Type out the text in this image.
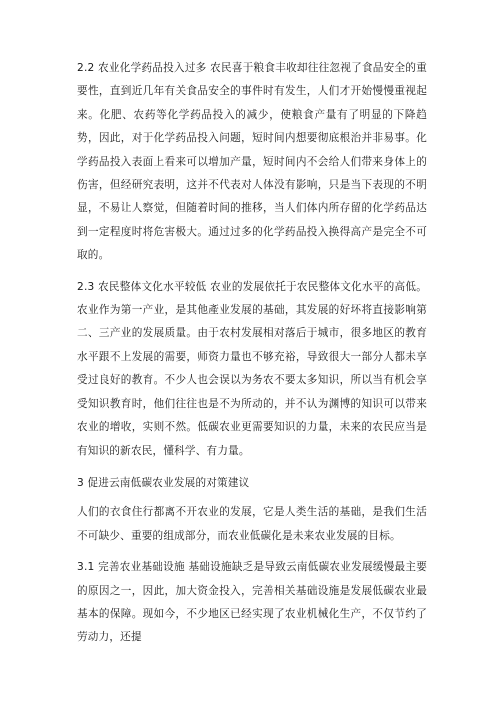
2.2 农业化学药品投入过多 农民喜于粮食丰收却往往忽视了食品安全的重要性，直到近几年有关食品安全的事件时有发生，人们才开始慢慢重视起来。化肥、农药等化学药品投入的减少，使粮食产量有了明显的下降趋势，因此，对于化学药品投入问题，短时间内想要彻底根治并非易事。化学药品投入表面上看来可以增加产量，短时间内不会给人们带来身体上的伤害，但经研究表明，这并不代表对人体没有影响，只是当下表现的不明显，不易让人察觉，但随着时间的推移，当人们体内所存留的化学药品达到一定程度时将危害极大。通过过多的化学药品投入换得高产是完全不可取的。

2.3 农民整体文化水平较低 农业的发展依托于农民整体文化水平的高低。农业作为第一产业，是其他產业发展的基础，其发展的好坏将直接影响第二、三产业的发展质量。由于农村发展相对落后于城市，很多地区的教育水平跟不上发展的需要，师资力量也不够充裕，导致很大一部分人都未享受过良好的教育。不少人也会误以为务农不要太多知识，所以当有机会享受知识教育时，他们往往也是不为所动的，并不认为渊博的知识可以带来农业的增收，实则不然。低碳农业更需要知识的力量，未来的农民应当是有知识的新农民，懂科学、有力量。

3 促进云南低碳农业发展的对策建议

人们的衣食住行都离不开农业的发展，它是人类生活的基础，是我们生活不可缺少、重要的组成部分，而农业低碳化是未来农业发展的目标。

3.1 完善农业基础设施 基础设施缺乏是导致云南低碳农业发展缓慢最主要的原因之一，因此，加大资金投入，完善相关基础设施是发展低碳农业最基本的保障。现如今，不少地区已经实现了农业机械化生产，不仅节约了劳动力，还提
